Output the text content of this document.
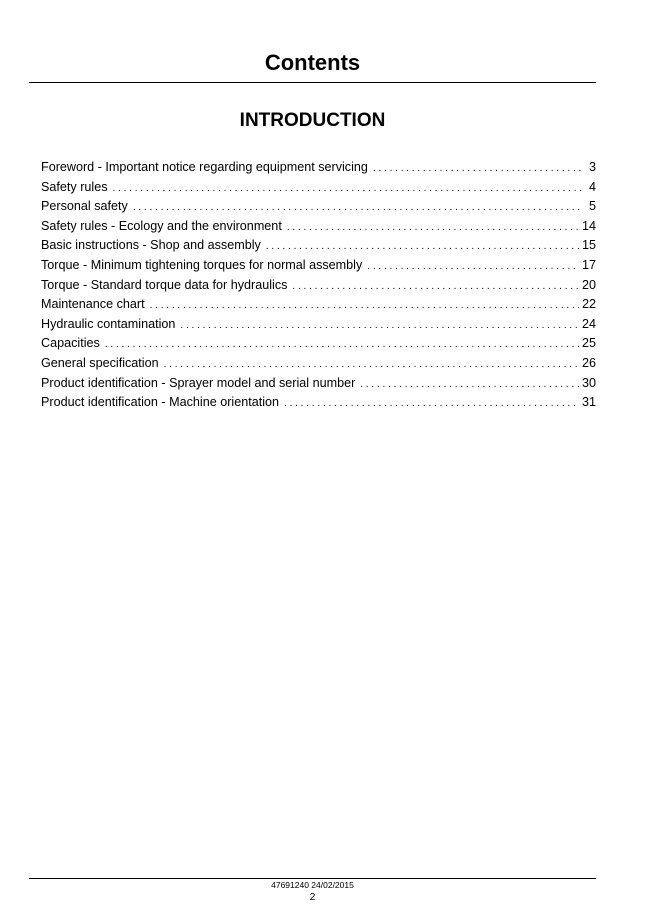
Contents
INTRODUCTION
Foreword - Important notice regarding equipment servicing . . .	3
Safety rules . . .	4
Personal safety . . .	5
Safety rules - Ecology and the environment . . .	14
Basic instructions - Shop and assembly . . .	15
Torque - Minimum tightening torques for normal assembly . . .	17
Torque - Standard torque data for hydraulics . . .	20
Maintenance chart . . .	22
Hydraulic contamination . . .	24
Capacities . . .	25
General specification . . .	26
Product identification - Sprayer model and serial number . . .	30
Product identification - Machine orientation . . .	31
47691240 24/02/2015
2
